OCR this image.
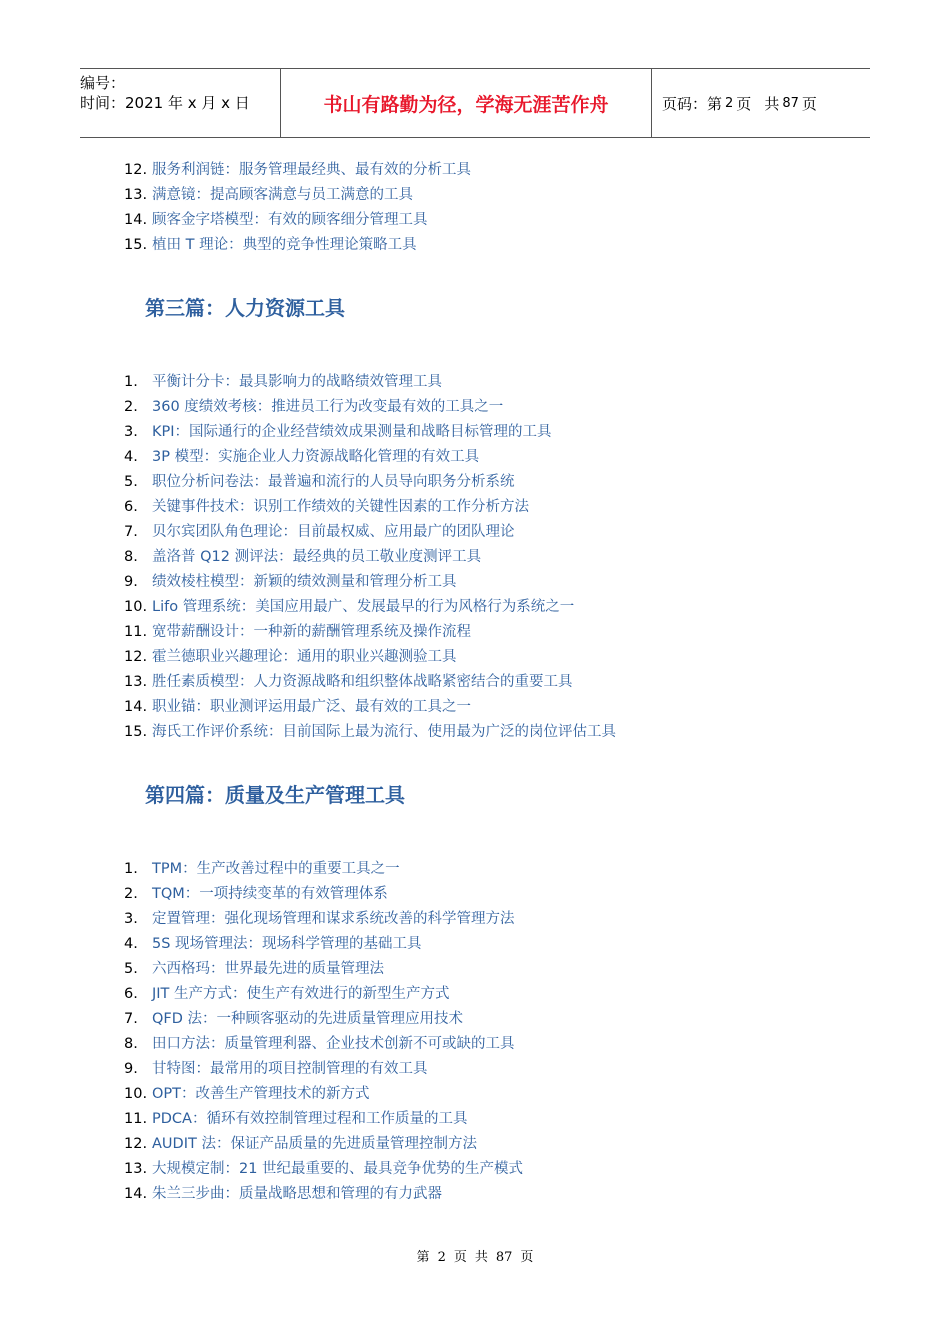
编号：
时间：2021 年 x 月 x 日	书山有路勤为径，学海无涯苦作舟	页码：第 2 页 共 87 页
12. 服务利润链：服务管理最经典、最有效的分析工具
13. 满意镜：提高顾客满意与员工满意的工具
14. 顾客金字塔模型：有效的顾客细分管理工具
15. 植田 T 理论：典型的竞争性理论策略工具
第三篇：人力资源工具
1. 平衡计分卡：最具影响力的战略绩效管理工具
2. 360 度绩效考核：推进员工行为改变最有效的工具之一
3. KPI：国际通行的企业经营绩效成果测量和战略目标管理的工具
4. 3P 模型：实施企业人力资源战略化管理的有效工具
5. 职位分析问卷法：最普遍和流行的人员导向职务分析系统
6. 关键事件技术：识别工作绩效的关键性因素的工作分析方法
7. 贝尔宾团队角色理论：目前最权威、应用最广的团队理论
8. 盖洛普 Q12 测评法：最经典的员工敬业度测评工具
9. 绩效棱柱模型：新颖的绩效测量和管理分析工具
10. Lifo 管理系统：美国应用最广、发展最早的行为风格行为系统之一
11. 宽带薪酬设计：一种新的薪酬管理系统及操作流程
12. 霍兰德职业兴趣理论：通用的职业兴趣测验工具
13. 胜任素质模型：人力资源战略和组织整体战略紧密结合的重要工具
14. 职业锚：职业测评运用最广泛、最有效的工具之一
15. 海氏工作评价系统：目前国际上最为流行、使用最为广泛的岗位评估工具
第四篇：质量及生产管理工具
1. TPM：生产改善过程中的重要工具之一
2. TQM：一项持续变革的有效管理体系
3. 定置管理：强化现场管理和谋求系统改善的科学管理方法
4. 5S 现场管理法：现场科学管理的基础工具
5. 六西格玛：世界最先进的质量管理法
6. JIT 生产方式：使生产有效进行的新型生产方式
7. QFD 法：一种顾客驱动的先进质量管理应用技术
8. 田口方法：质量管理利器、企业技术创新不可或缺的工具
9. 甘特图：最常用的项目控制管理的有效工具
10. OPT：改善生产管理技术的新方式
11. PDCA：循环有效控制管理过程和工作质量的工具
12. AUDIT 法：保证产品质量的先进质量管理控制方法
13. 大规模定制：21 世纪最重要的、最具竞争优势的生产模式
14. 朱兰三步曲：质量战略思想和管理的有力武器
第 2 页 共 87 页
